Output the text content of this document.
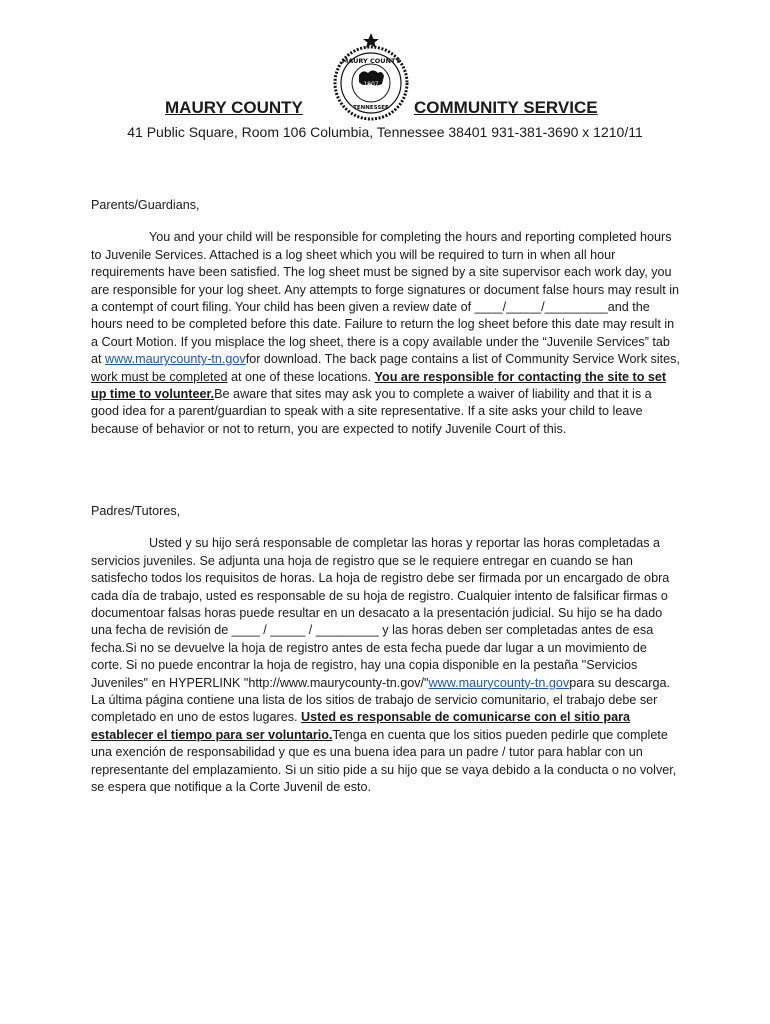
1807
MAURY COUNTY
TENNESSEE
MAURY COUNTY	COMMUNITY SERVICE
41 Public Square, Room 106 Columbia, Tennessee 38401 931-381-3690 x 1210/11

Parents/Guardians,

You and your child will be responsible for completing the hours and reporting completed hours to Juvenile Services. Attached is a log sheet which you will be required to turn in when all hour requirements have been satisfied. The log sheet must be signed by a site supervisor each work day, you are responsible for your log sheet. Any attempts to forge signatures or document false hours may result in a contempt of court filing. Your child has been given a review date of ____/_____/_________and the hours need to be completed before this date. Failure to return the log sheet before this date may result in a Court Motion. If you misplace the log sheet, there is a copy available under the “Juvenile Services” tab at www.maurycounty-tn.govfor download. The back page contains a list of Community Service Work sites, work must be completed at one of these locations. You are responsible for contacting the site to set up time to volunteer.Be aware that sites may ask you to complete a waiver of liability and that it is a good idea for a parent/guardian to speak with a site representative. If a site asks your child to leave because of behavior or not to return, you are expected to notify Juvenile Court of this.

Padres/Tutores,

Usted y su hijo será responsable de completar las horas y reportar las horas completadas a servicios juveniles. Se adjunta una hoja de registro que se le requiere entregar en cuando se han satisfecho todos los requisitos de horas. La hoja de registro debe ser firmada por un encargado de obra cada día de trabajo, usted es responsable de su hoja de registro. Cualquier intento de falsificar firmas o documentoar falsas horas puede resultar en un desacato a la presentación judicial. Su hijo se ha dado una fecha de revisión de ____ / _____ / _________ y las horas deben ser completadas antes de esa fecha.Si no se devuelve la hoja de registro antes de esta fecha puede dar lugar a un movimiento de corte. Si no puede encontrar la hoja de registro, hay una copia disponible en la pestaña "Servicios Juveniles" en HYPERLINK "http://www.maurycounty-tn.gov/"www.maurycounty-tn.govpara su descarga. La última página contiene una lista de los sitios de trabajo de servicio comunitario, el trabajo debe ser completado en uno de estos lugares. Usted es responsable de comunicarse con el sitio para establecer el tiempo para ser voluntario.Tenga en cuenta que los sitios pueden pedirle que complete una exención de responsabilidad y que es una buena idea para un padre / tutor para hablar con un representante del emplazamiento. Si un sitio pide a su hijo que se vaya debido a la conducta o no volver, se espera que notifique a la Corte Juvenil de esto.
